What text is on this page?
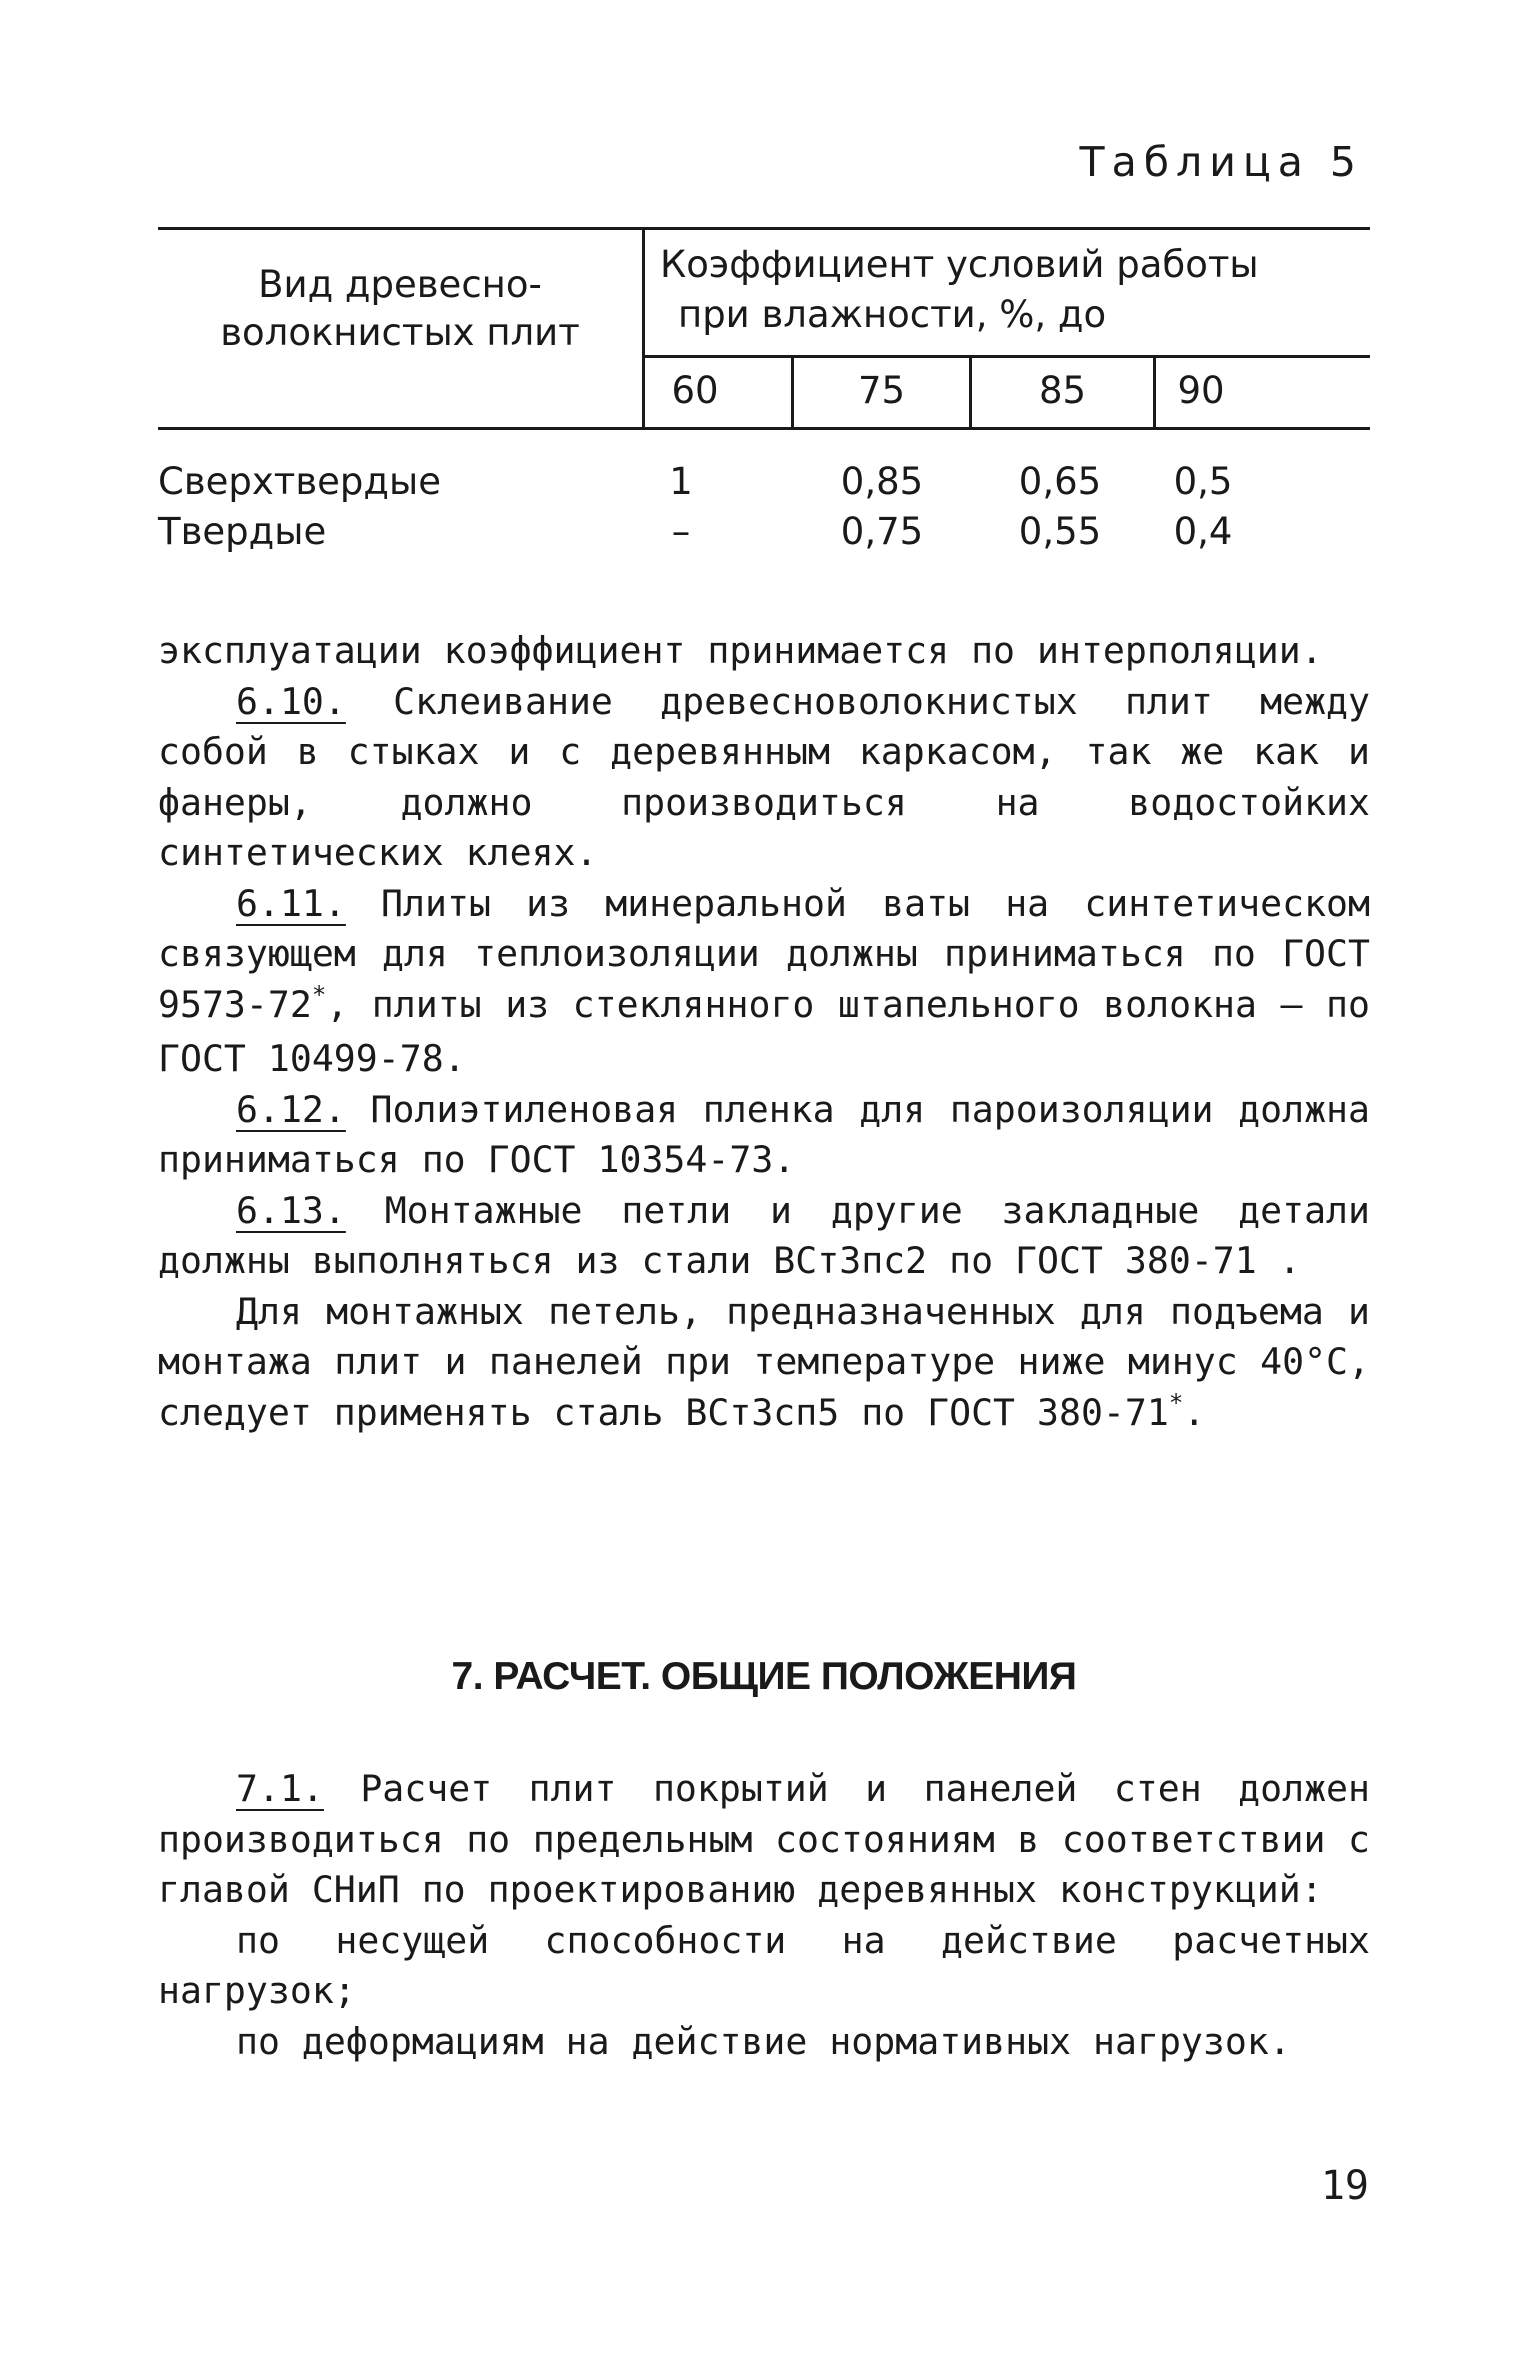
Таблица 5
Вид древесно-
волокнистых плит
Коэффициент условий работы
при влажности, %, до
60	75	85	90
Сверхтвердые	1	0,85	0,65	0,5
Твердые	–	0,75	0,55	0,4

эксплуатации коэффициент принимается по интерполяции.

6.10. Склеивание древесноволокнистых плит между собой в стыках и с деревянным каркасом, так же как и фанеры, должно производиться на водостойких синтетических клеях.

6.11. Плиты из минеральной ваты на синтетическом связующем для теплоизоляции должны приниматься по ГОСТ 9573-72*, плиты из стеклянного штапельного волокна – по ГОСТ 10499-78.

6.12. Полиэтиленовая пленка для пароизоляции должна приниматься по ГОСТ 10354-73.

6.13. Монтажные петли и другие закладные детали должны выполняться из стали ВСт3пс2 по ГОСТ 380-71 .

Для монтажных петель, предназначенных для подъема и монтажа плит и панелей при температуре ниже минус 40°С, следует применять сталь ВСт3сп5 по ГОСТ 380-71*.

7. РАСЧЕТ. ОБЩИЕ ПОЛОЖЕНИЯ

7.1. Расчет плит покрытий и панелей стен должен производиться по предельным состояниям в соответствии с главой СНиП по проектированию деревянных конструкций:

по несущей способности на действие расчетных нагрузок;

по деформациям на действие нормативных нагрузок.

19
